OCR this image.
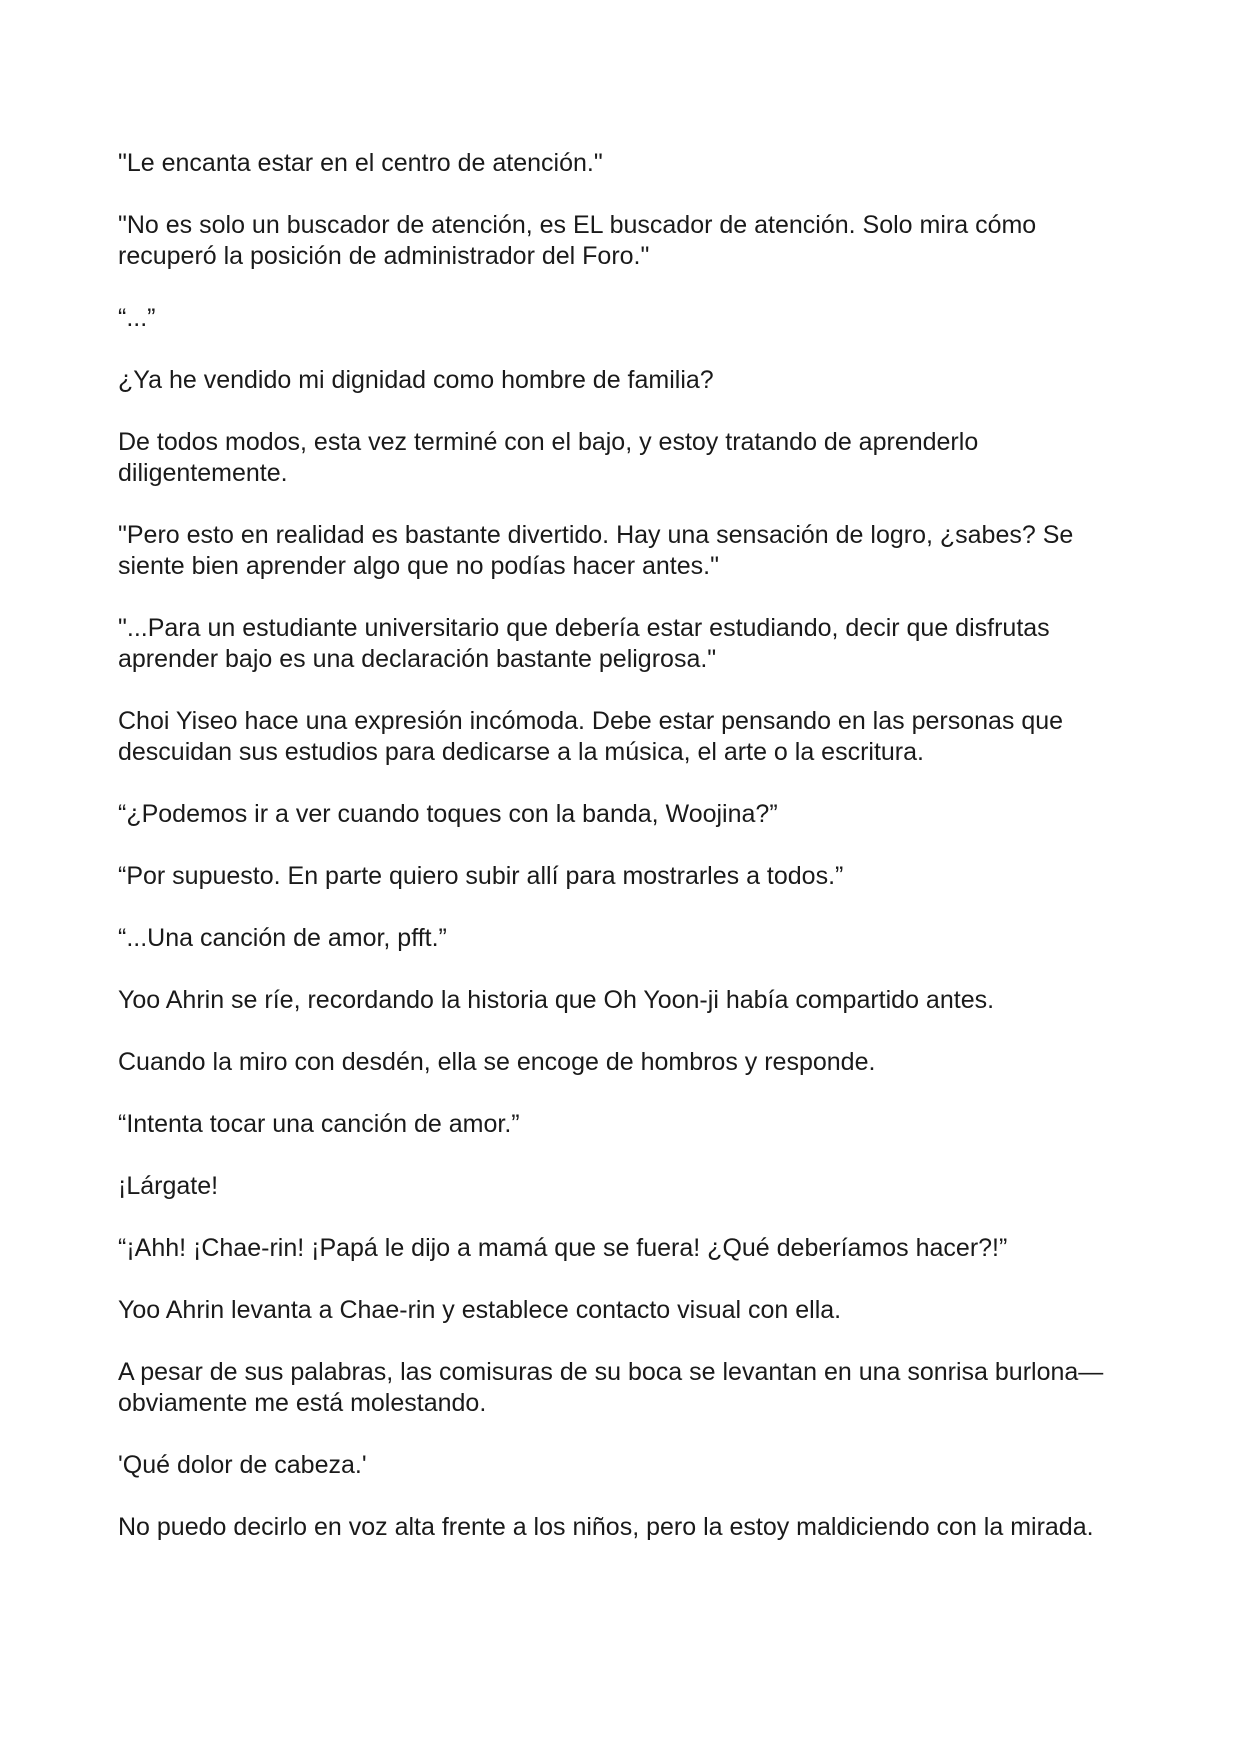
"Le encanta estar en el centro de atención."

"No es solo un buscador de atención, es EL buscador de atención. Solo mira cómo recuperó la posición de administrador del Foro."

“...”

¿Ya he vendido mi dignidad como hombre de familia?

De todos modos, esta vez terminé con el bajo, y estoy tratando de aprenderlo diligentemente.

"Pero esto en realidad es bastante divertido. Hay una sensación de logro, ¿sabes? Se siente bien aprender algo que no podías hacer antes."

"...Para un estudiante universitario que debería estar estudiando, decir que disfrutas aprender bajo es una declaración bastante peligrosa."

Choi Yiseo hace una expresión incómoda. Debe estar pensando en las personas que descuidan sus estudios para dedicarse a la música, el arte o la escritura.

“¿Podemos ir a ver cuando toques con la banda, Woojina?”

“Por supuesto. En parte quiero subir allí para mostrarles a todos.”

“...Una canción de amor, pfft.”

Yoo Ahrin se ríe, recordando la historia que Oh Yoon-ji había compartido antes.

Cuando la miro con desdén, ella se encoge de hombros y responde.

“Intenta tocar una canción de amor.”

¡Lárgate!

“¡Ahh! ¡Chae-rin! ¡Papá le dijo a mamá que se fuera! ¿Qué deberíamos hacer?!”

Yoo Ahrin levanta a Chae-rin y establece contacto visual con ella.

A pesar de sus palabras, las comisuras de su boca se levantan en una sonrisa burlona—obviamente me está molestando.

'Qué dolor de cabeza.'

No puedo decirlo en voz alta frente a los niños, pero la estoy maldiciendo con la mirada.
